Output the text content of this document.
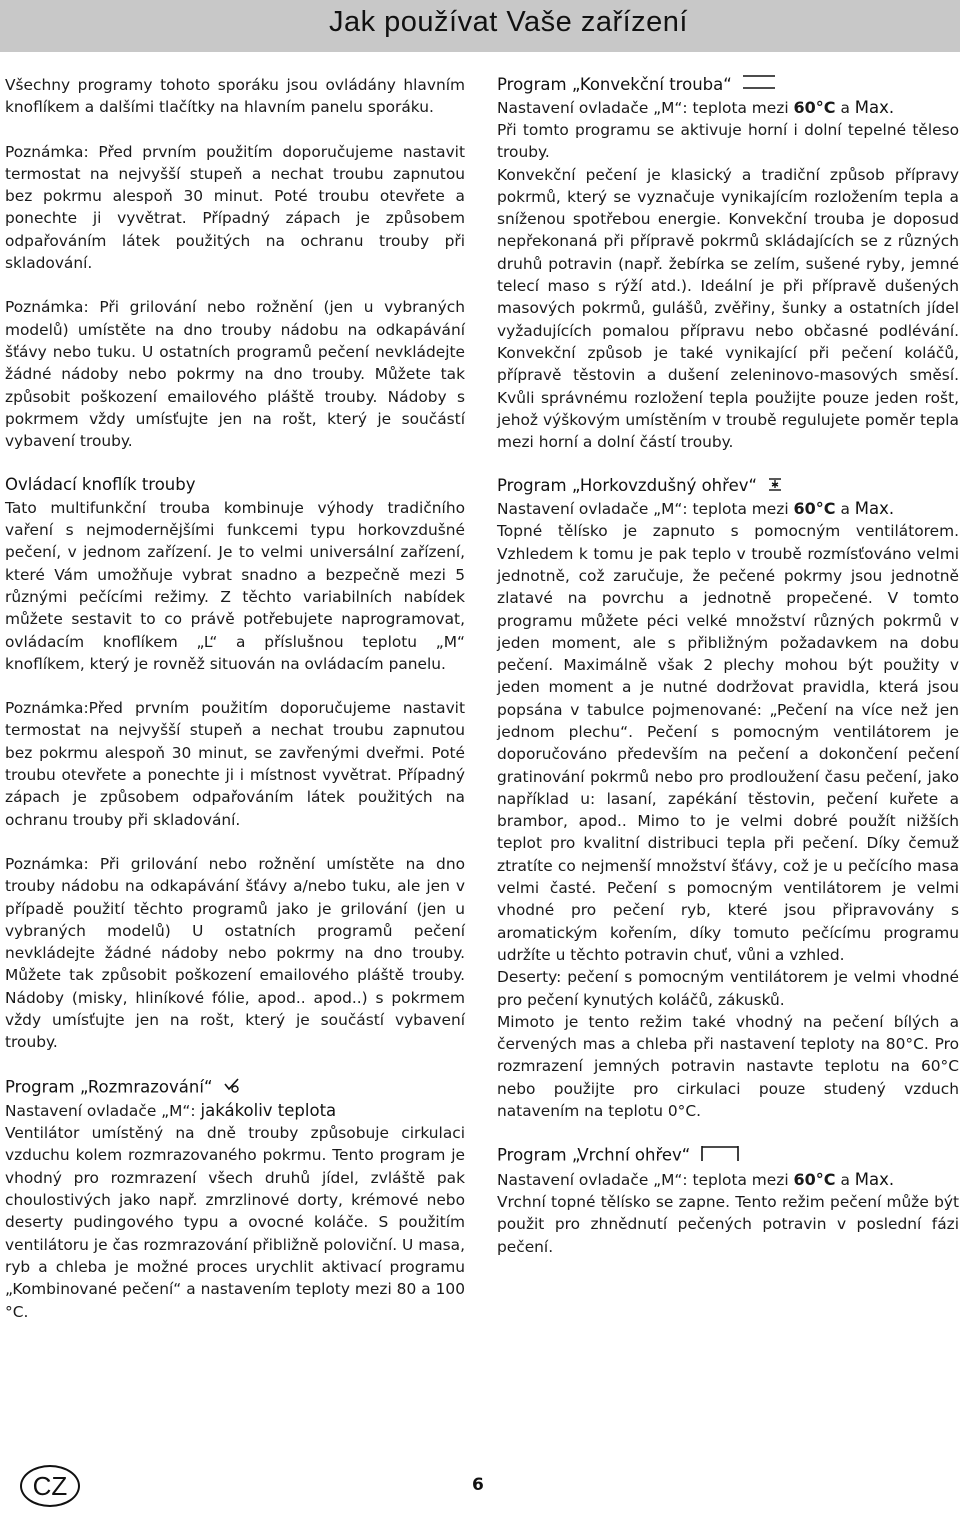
Jak používat Vaše zařízení

Všechny programy tohoto sporáku jsou ovládány hlavním knoflíkem a dalšími tlačítky na hlavním panelu sporáku.

Poznámka: Před prvním použitím doporučujeme nastavit termostat na nejvyšší stupeň a nechat troubu zapnutou bez pokrmu alespoň 30 minut. Poté troubu otevřete a ponechte ji vyvětrat. Případný zápach je způsobem odpařováním látek použitých na ochranu trouby při skladování.

Poznámka: Při grilování nebo rožnění (jen u vybraných modelů) umístěte na dno trouby nádobu na odkapávání šťávy nebo tuku. U ostatních programů pečení nevkládejte žádné nádoby nebo pokrmy na dno trouby. Můžete tak způsobit poškození emailového pláště trouby. Nádoby s pokrmem vždy umísťujte jen na rošt, který je součástí vybavení trouby.

Ovládací knoflík trouby

Tato multifunkční trouba kombinuje výhody tradičního vaření s nejmodernějšími funkcemi typu horkovzdušné pečení, v jednom zařízení. Je to velmi universální zařízení, které Vám umožňuje vybrat snadno a bezpečně mezi 5 různými pečícími režimy. Z těchto variabilních nabídek můžete sestavit to co právě potřebujete naprogramovat, ovládacím knoflíkem „L“ a příslušnou teplotu „M“ knoflíkem, který je rovněž situován na ovládacím panelu.

Poznámka:Před prvním použitím doporučujeme nastavit termostat na nejvyšší stupeň a nechat troubu zapnutou bez pokrmu alespoň 30 minut, se zavřenými dveřmi. Poté troubu otevřete a ponechte ji i místnost vyvětrat. Případný zápach je způsobem odpařováním látek použitých na ochranu trouby při skladování.

Poznámka: Při grilování nebo rožnění umístěte na dno trouby nádobu na odkapávání šťávy a/nebo tuku, ale jen v případě použití těchto programů jako je grilování (jen u vybraných modelů) U ostatních programů pečení nevkládejte žádné nádoby nebo pokrmy na dno trouby. Můžete tak způsobit poškození emailového pláště trouby. Nádoby (misky, hliníkové fólie, apod.. apod..) s pokrmem vždy umísťujte jen na rošt, který je součástí vybavení trouby.

Program „Rozmrazování“

Nastavení ovladače „M“: jakákoliv teplota

Ventilátor umístěný na dně trouby způsobuje cirkulaci vzduchu kolem rozmrazovaného pokrmu. Tento program je vhodný pro rozmrazení všech druhů jídel, zvláště pak choulostivých jako např. zmrzlinové dorty, krémové nebo deserty pudingového typu a ovocné koláče. S použitím ventilátoru je čas rozmrazování přibližně poloviční. U masa, ryb a chleba je možné proces urychlit aktivací programu „Kombinované pečení“ a nastavením teploty mezi 80 a 100 °C.

Program „Konvekční trouba“

Nastavení ovladače „M“: teplota mezi 60°C a Max.

Při tomto programu se aktivuje horní i dolní tepelné těleso trouby.

Konvekční pečení je klasický a tradiční způsob přípravy pokrmů, který se vyznačuje vynikajícím rozložením tepla a sníženou spotřebou energie. Konvekční trouba je doposud nepřekonaná při přípravě pokrmů skládajících se z různých druhů potravin (např. žebírka se zelím, sušené ryby, jemné telecí maso s rýží atd.). Ideální je při přípravě dušených masových pokrmů, gulášů, zvěřiny, šunky a ostatních jídel vyžadujících pomalou přípravu nebo občasné podlévání. Konvekční způsob je také vynikající při pečení koláčů, přípravě těstovin a dušení zeleninovo-masových směsí. Kvůli správnému rozložení tepla použijte pouze jeden rošt, jehož výškovým umístěním v troubě regulujete poměr tepla mezi horní a dolní částí trouby.

Program „Horkovzdušný ohřev“

Nastavení ovladače „M“: teplota mezi 60°C a Max.

Topné tělísko je zapnuto s pomocným ventilátorem. Vzhledem k tomu je pak teplo v troubě rozmísťováno velmi jednotně, což zaručuje, že pečené pokrmy jsou jednotně zlatavé na povrchu a jednotně propečené. V tomto programu můžete péci velké množství různých pokrmů v jeden moment, ale s přibližným požadavkem na dobu pečení. Maximálně však 2 plechy mohou být použity v jeden moment a je nutné dodržovat pravidla, která jsou popsána v tabulce pojmenované: „Pečení na více než jen jednom plechu“. Pečení s pomocným ventilátorem je doporučováno především na pečení a dokončení pečení gratinování pokrmů nebo pro prodloužení času pečení, jako například u: lasaní, zapékání těstovin, pečení kuřete a brambor, apod.. Mimo to je velmi dobré použít nižších teplot pro kvalitní distribuci tepla při pečení. Díky čemuž ztratíte co nejmenší množství šťávy, což je u pečícího masa velmi časté. Pečení s pomocným ventilátorem je velmi vhodné pro pečení ryb, které jsou připravovány s aromatickým kořením, díky tomuto pečícímu programu udržíte u těchto potravin chuť, vůni a vzhled.

Deserty: pečení s pomocným ventilátorem je velmi vhodné pro pečení kynutých koláčů, zákusků.

Mimoto je tento režim také vhodný na pečení bílých a červených mas a chleba při nastavení teploty na 80°C. Pro rozmrazení jemných potravin nastavte teplotu na 60°C nebo použijte pro cirkulaci pouze studený vzduch natavením na teplotu 0°C.

Program „Vrchní ohřev“

Nastavení ovladače „M“: teplota mezi 60°C a Max.

Vrchní topné tělísko se zapne. Tento režim pečení může být použit pro zhnědnutí pečených potravin v poslední fázi pečení.

CZ	6
